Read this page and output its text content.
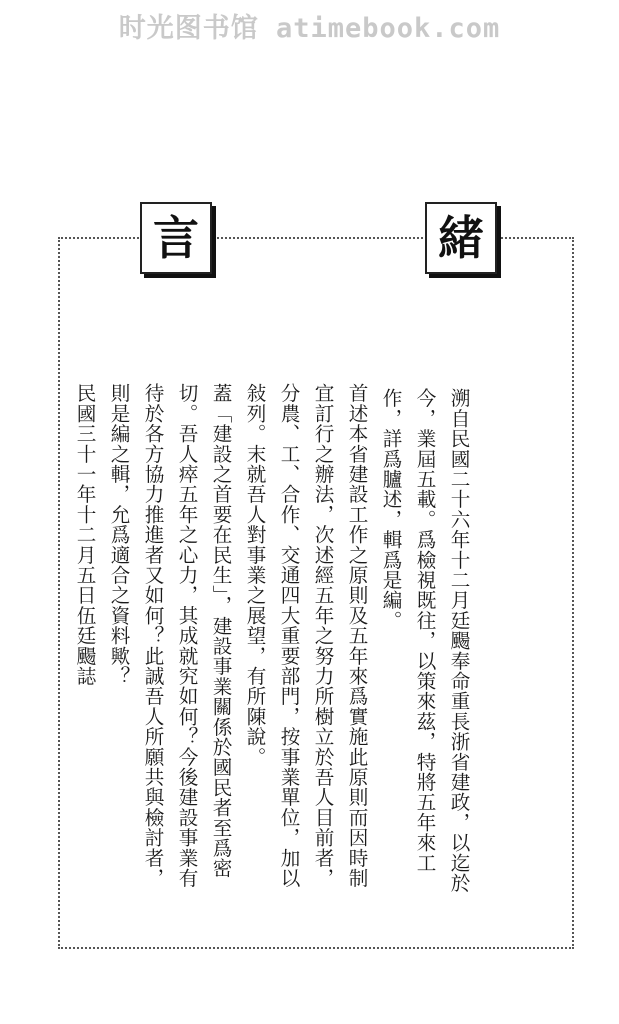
时光图书馆 atimebook.com
緒
言

溯自民國二十六年十二月廷颺奉命重長浙省建政，以迄於今，業屆五載。爲檢視既往，以策來茲，特將五年來工作，詳爲臚述，輯爲是編。

首述本省建設工作之原則及五年來爲實施此原則而因時制宜訂行之辦法，次述經五年之努力所樹立於吾人目前者，分農、工、合作、交通四大重要部門，按事業單位，加以敍列。末就吾人對事業之展望，有所陳說。

蓋「建設之首要在民生」，建設事業關係於國民者至爲密切。吾人瘁五年之心力，其成就究如何？今後建設事業有待於各方協力推進者又如何？此誠吾人所願共與檢討者，則是編之輯，允爲適合之資料歟？

民國三十一年十二月五日伍廷颺誌
